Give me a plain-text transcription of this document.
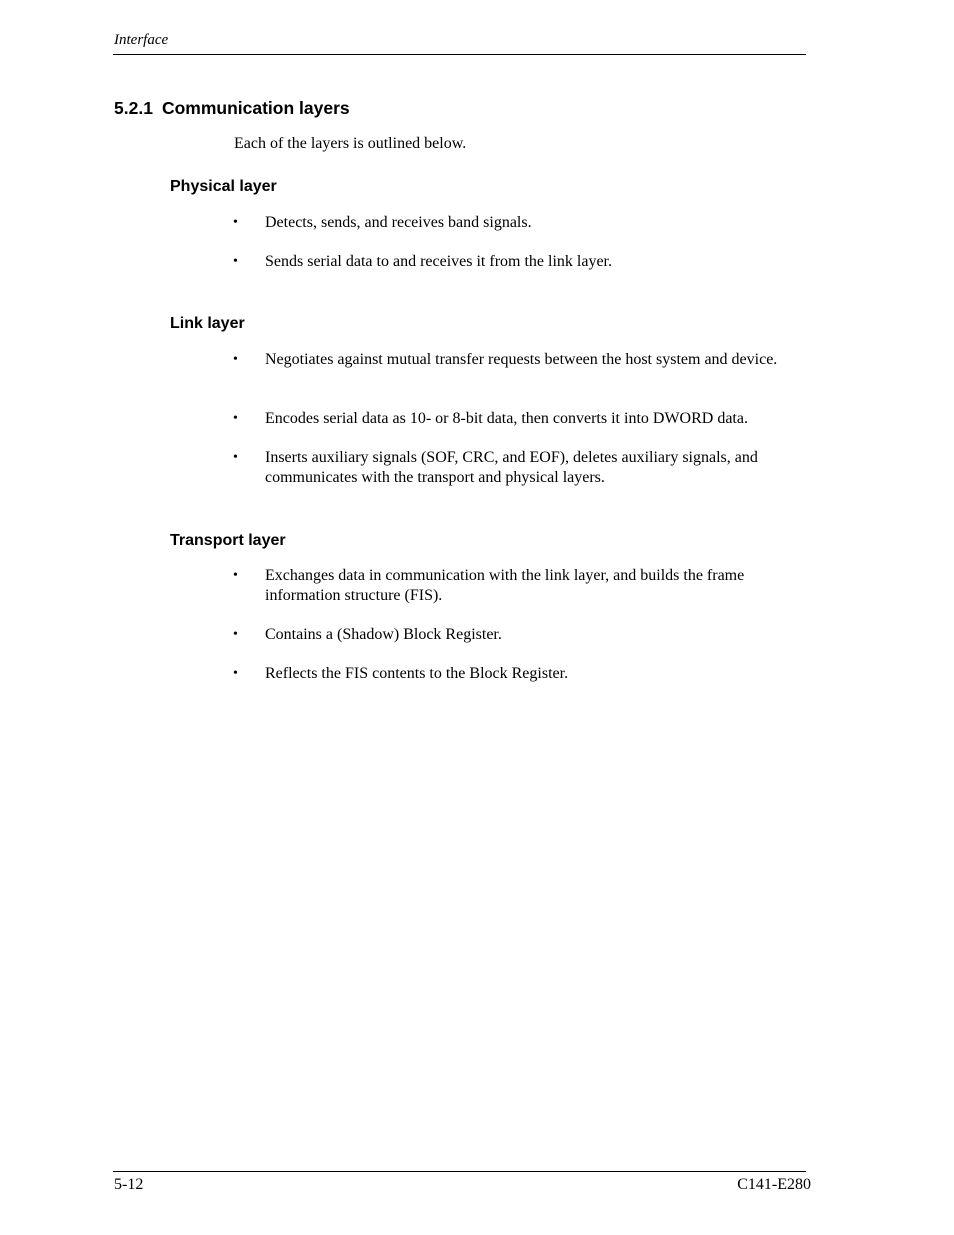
Interface
5.2.1 Communication layers
Each of the layers is outlined below.
Physical layer
• Detects, sends, and receives band signals.
• Sends serial data to and receives it from the link layer.
Link layer
• Negotiates against mutual transfer requests between the host system and device.
• Encodes serial data as 10- or 8-bit data, then converts it into DWORD data.
• Inserts auxiliary signals (SOF, CRC, and EOF), deletes auxiliary signals, and communicates with the transport and physical layers.
Transport layer
• Exchanges data in communication with the link layer, and builds the frame information structure (FIS).
• Contains a (Shadow) Block Register.
• Reflects the FIS contents to the Block Register.
5-12	C141-E280
